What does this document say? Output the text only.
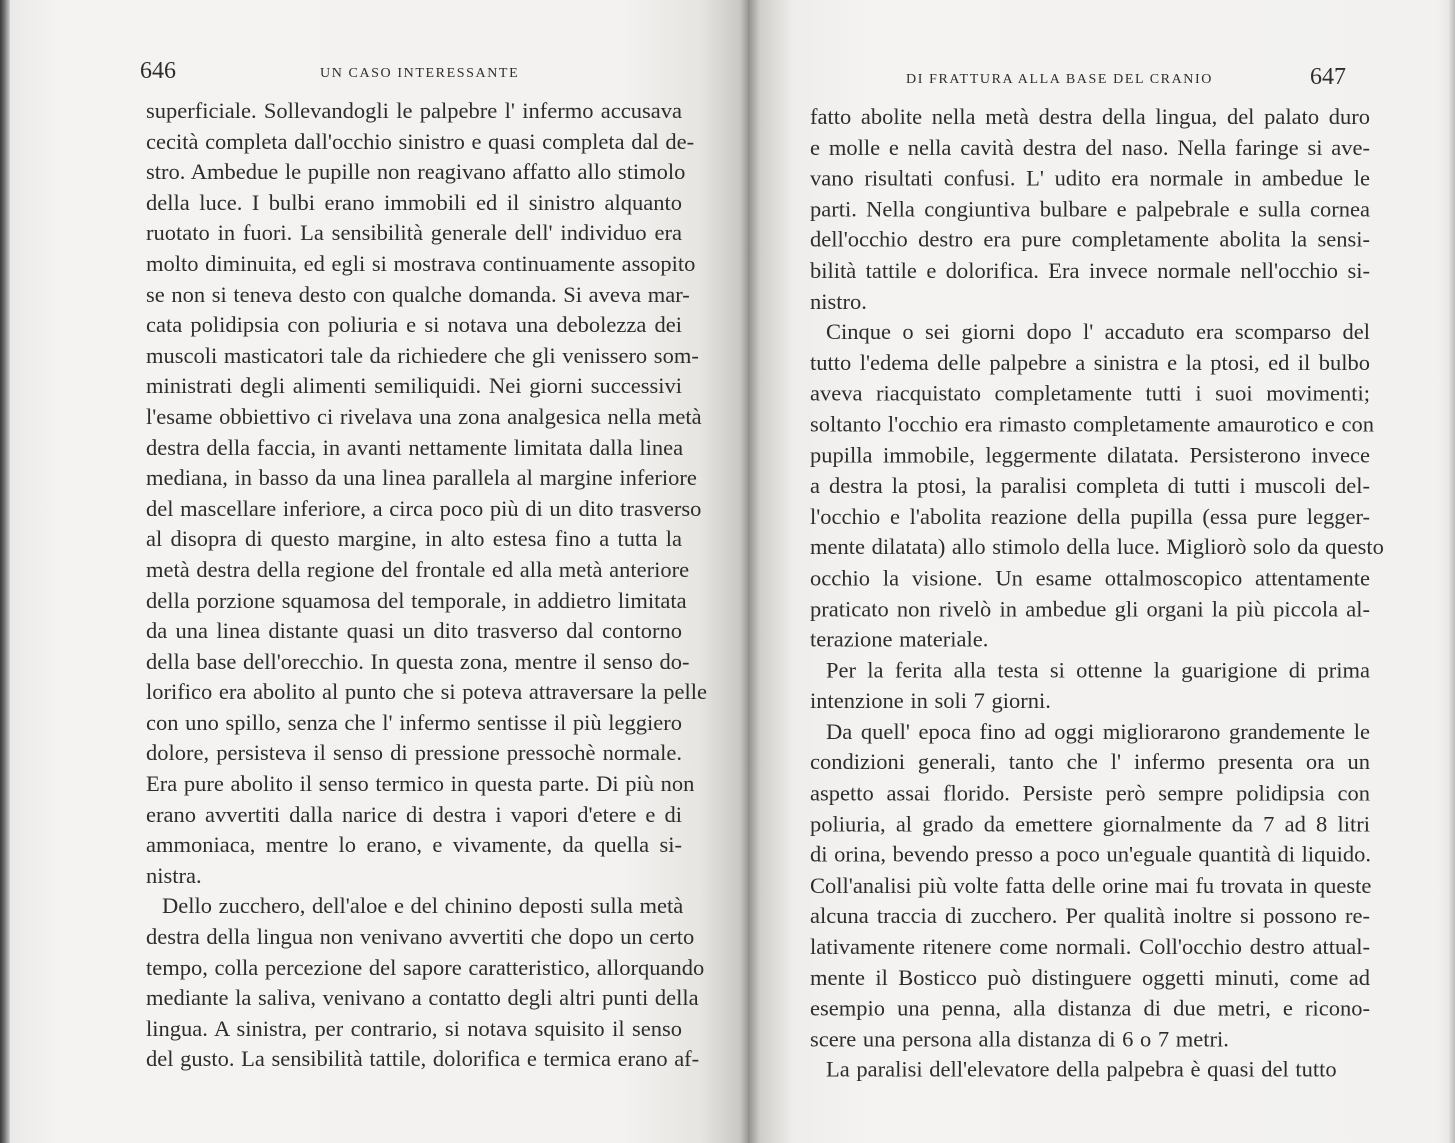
646	UN CASO INTERESSANTE
superficiale. Sollevandogli le palpebre l' infermo accusava
cecità completa dall'occhio sinistro e quasi completa dal de-
stro. Ambedue le pupille non reagivano affatto allo stimolo
della luce. I bulbi erano immobili ed il sinistro alquanto
ruotato in fuori. La sensibilità generale dell' individuo era
molto diminuita, ed egli si mostrava continuamente assopito
se non si teneva desto con qualche domanda. Si aveva mar-
cata polidipsia con poliuria e si notava una debolezza dei
muscoli masticatori tale da richiedere che gli venissero som-
ministrati degli alimenti semiliquidi. Nei giorni successivi
l'esame obbiettivo ci rivelava una zona analgesica nella metà
destra della faccia, in avanti nettamente limitata dalla linea
mediana, in basso da una linea parallela al margine inferiore
del mascellare inferiore, a circa poco più di un dito trasverso
al disopra di questo margine, in alto estesa fino a tutta la
metà destra della regione del frontale ed alla metà anteriore
della porzione squamosa del temporale, in addietro limitata
da una linea distante quasi un dito trasverso dal contorno
della base dell'orecchio. In questa zona, mentre il senso do-
lorifico era abolito al punto che si poteva attraversare la pelle
con uno spillo, senza che l' infermo sentisse il più leggiero
dolore, persisteva il senso di pressione pressochè normale.
Era pure abolito il senso termico in questa parte. Di più non
erano avvertiti dalla narice di destra i vapori d'etere e di
ammoniaca, mentre lo erano, e vivamente, da quella si-
nistra.
Dello zucchero, dell'aloe e del chinino deposti sulla metà
destra della lingua non venivano avvertiti che dopo un certo
tempo, colla percezione del sapore caratteristico, allorquando
mediante la saliva, venivano a contatto degli altri punti della
lingua. A sinistra, per contrario, si notava squisito il senso
del gusto. La sensibilità tattile, dolorifica e termica erano af-
DI FRATTURA ALLA BASE DEL CRANIO	647
fatto abolite nella metà destra della lingua, del palato duro
e molle e nella cavità destra del naso. Nella faringe si ave-
vano risultati confusi. L' udito era normale in ambedue le
parti. Nella congiuntiva bulbare e palpebrale e sulla cornea
dell'occhio destro era pure completamente abolita la sensi-
bilità tattile e dolorifica. Era invece normale nell'occhio si-
nistro.
Cinque o sei giorni dopo l' accaduto era scomparso del
tutto l'edema delle palpebre a sinistra e la ptosi, ed il bulbo
aveva riacquistato completamente tutti i suoi movimenti;
soltanto l'occhio era rimasto completamente amaurotico e con
pupilla immobile, leggermente dilatata. Persisterono invece
a destra la ptosi, la paralisi completa di tutti i muscoli del-
l'occhio e l'abolita reazione della pupilla (essa pure legger-
mente dilatata) allo stimolo della luce. Migliorò solo da questo
occhio la visione. Un esame ottalmoscopico attentamente
praticato non rivelò in ambedue gli organi la più piccola al-
terazione materiale.
Per la ferita alla testa si ottenne la guarigione di prima
intenzione in soli 7 giorni.
Da quell' epoca fino ad oggi migliorarono grandemente le
condizioni generali, tanto che l' infermo presenta ora un
aspetto assai florido. Persiste però sempre polidipsia con
poliuria, al grado da emettere giornalmente da 7 ad 8 litri
di orina, bevendo presso a poco un'eguale quantità di liquido.
Coll'analisi più volte fatta delle orine mai fu trovata in queste
alcuna traccia di zucchero. Per qualità inoltre si possono re-
lativamente ritenere come normali. Coll'occhio destro attual-
mente il Bosticco può distinguere oggetti minuti, come ad
esempio una penna, alla distanza di due metri, e ricono-
scere una persona alla distanza di 6 o 7 metri.
La paralisi dell'elevatore della palpebra è quasi del tutto
